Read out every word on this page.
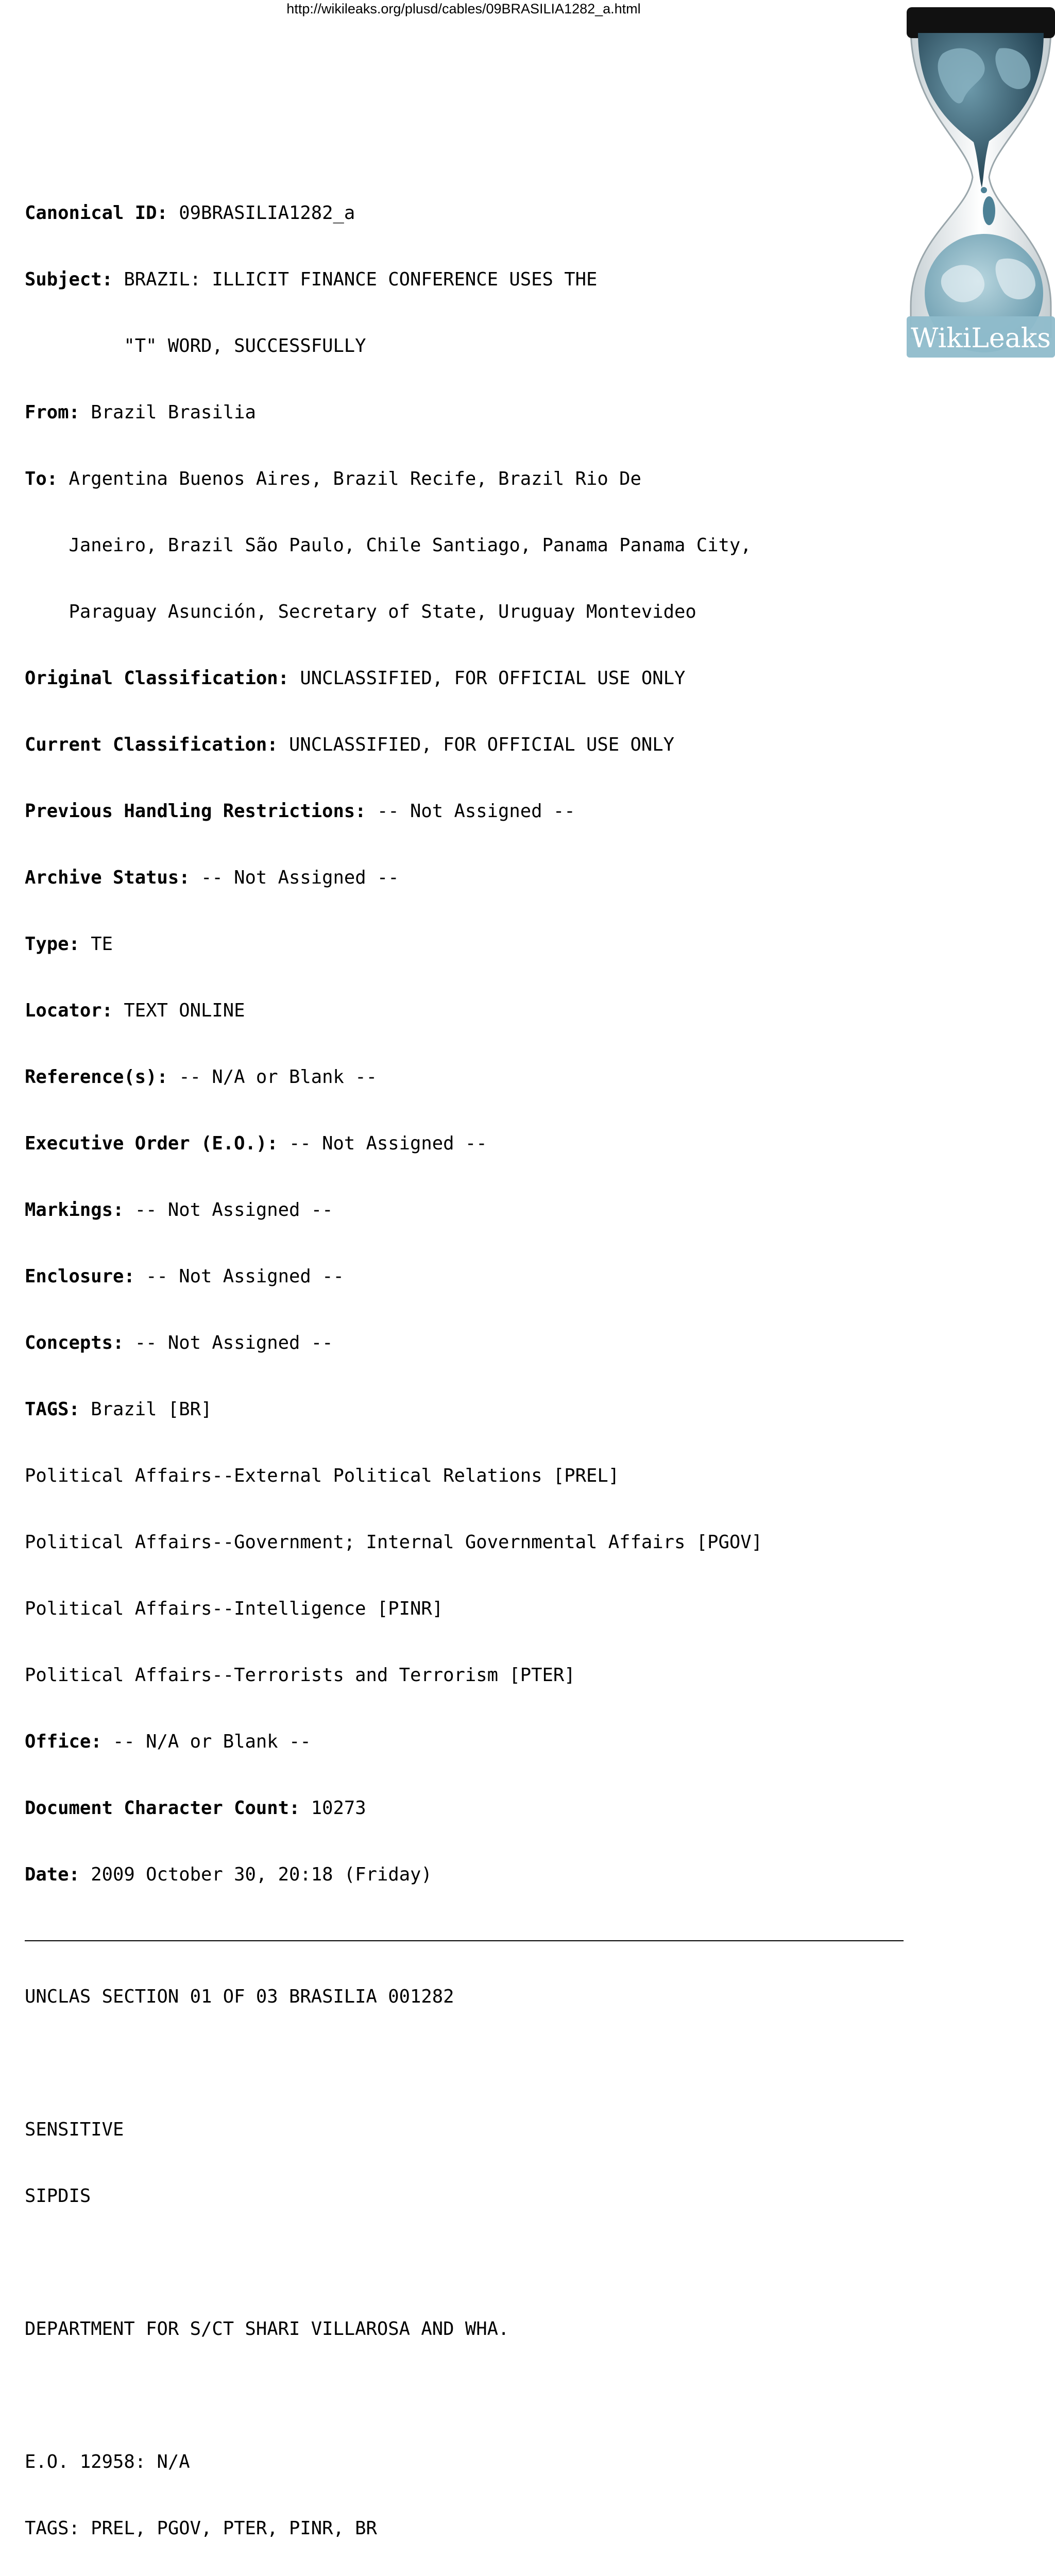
http://wikileaks.org/plusd/cables/09BRASILIA1282_a.html
WikiLeaks

Canonical ID: 09BRASILIA1282_a

Subject: BRAZIL: ILLICIT FINANCE CONFERENCE USES THE

"T" WORD, SUCCESSFULLY

From: Brazil Brasilia

To: Argentina Buenos Aires, Brazil Recife, Brazil Rio De

Janeiro, Brazil São Paulo, Chile Santiago, Panama Panama City,

Paraguay Asunción, Secretary of State, Uruguay Montevideo

Original Classification: UNCLASSIFIED, FOR OFFICIAL USE ONLY

Current Classification: UNCLASSIFIED, FOR OFFICIAL USE ONLY

Previous Handling Restrictions: -- Not Assigned --

Archive Status: -- Not Assigned --

Type: TE

Locator: TEXT ONLINE

Reference(s): -- N/A or Blank --

Executive Order (E.O.): -- Not Assigned --

Markings: -- Not Assigned --

Enclosure: -- Not Assigned --

Concepts: -- Not Assigned --

TAGS: Brazil [BR]

Political Affairs--External Political Relations [PREL]

Political Affairs--Government; Internal Governmental Affairs [PGOV]

Political Affairs--Intelligence [PINR]

Political Affairs--Terrorists and Terrorism [PTER]

Office: -- N/A or Blank --

Document Character Count: 10273

Date: 2009 October 30, 20:18 (Friday)

UNCLAS SECTION 01 OF 03 BRASILIA 001282

SENSITIVE

SIPDIS

DEPARTMENT FOR S/CT SHARI VILLAROSA AND WHA.

E.O. 12958: N/A

TAGS: PREL, PGOV, PTER, PINR, BR
